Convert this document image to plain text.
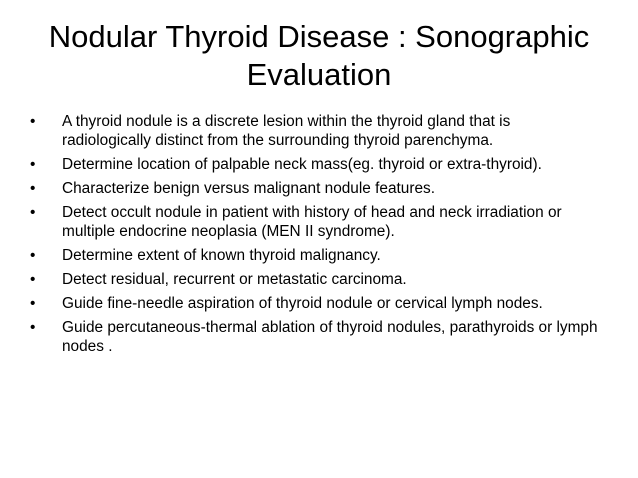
Nodular Thyroid Disease : Sonographic Evaluation
• A thyroid nodule is a discrete lesion within the thyroid gland that is radiologically distinct from the surrounding thyroid parenchyma.
• Determine location of palpable neck mass(eg. thyroid or extra-thyroid).
• Characterize benign versus malignant nodule features.
• Detect occult nodule in patient with history of head and neck irradiation or multiple endocrine neoplasia (MEN II syndrome).
• Determine extent of known thyroid malignancy.
• Detect residual, recurrent or metastatic carcinoma.
• Guide fine-needle aspiration of thyroid nodule or cervical lymph nodes.
• Guide percutaneous-thermal ablation of thyroid nodules, parathyroids or lymph nodes .
